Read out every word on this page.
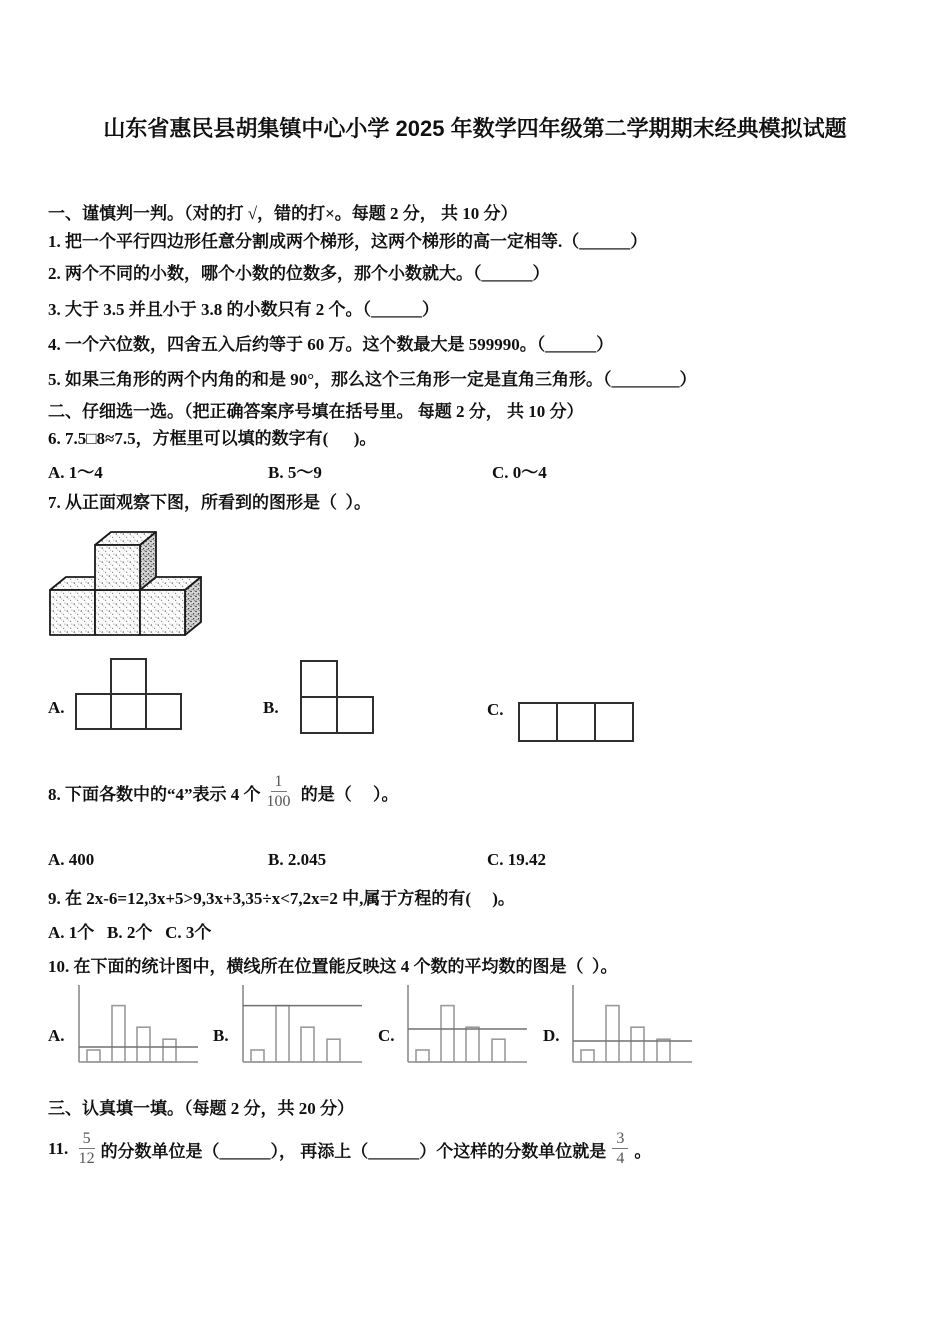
山东省惠民县胡集镇中心小学 2025 年数学四年级第二学期期末经典模拟试题
一、谨慎判一判。（对的打 √，错的打×。每题 2 分， 共 10 分）
1. 把一个平行四边形任意分割成两个梯形，这两个梯形的高一定相等.（______）
2. 两个不同的小数，哪个小数的位数多，那个小数就大。（______）
3. 大于 3.5 并且小于 3.8 的小数只有 2 个。（______）
4. 一个六位数，四舍五入后约等于 60 万。这个数最大是 599990。（______）
5. 如果三角形的两个内角的和是 90°，那么这个三角形一定是直角三角形。（________）
二、仔细选一选。（把正确答案序号填在括号里。 每题 2 分， 共 10 分）
6. 7.5□8≈7.5，方框里可以填的数字有(      )。
A. 1～4	B. 5～9	C. 0～4
7. 从正面观察下图，所看到的图形是（  ）。
A.	B.	C.
8. 下面各数中的“4”表示 4 个 $\frac{1}{100}$ 的是（     ）。
A. 400	B. 2.045	C. 19.42
9. 在 2x-6=12,3x+5>9,3x+3,35÷x<7,2x=2 中,属于方程的有(     )。
A. 1个   B. 2个   C. 3个
10. 在下面的统计图中，横线所在位置能反映这 4 个数的平均数的图是（  ）。
A.	B.	C.	D.
三、认真填一填。（每题 2 分，共 20 分）
11. $\frac{5}{12}$ 的分数单位是（______）， 再添上（______）个这样的分数单位就是 $\frac{3}{4}$ 。
